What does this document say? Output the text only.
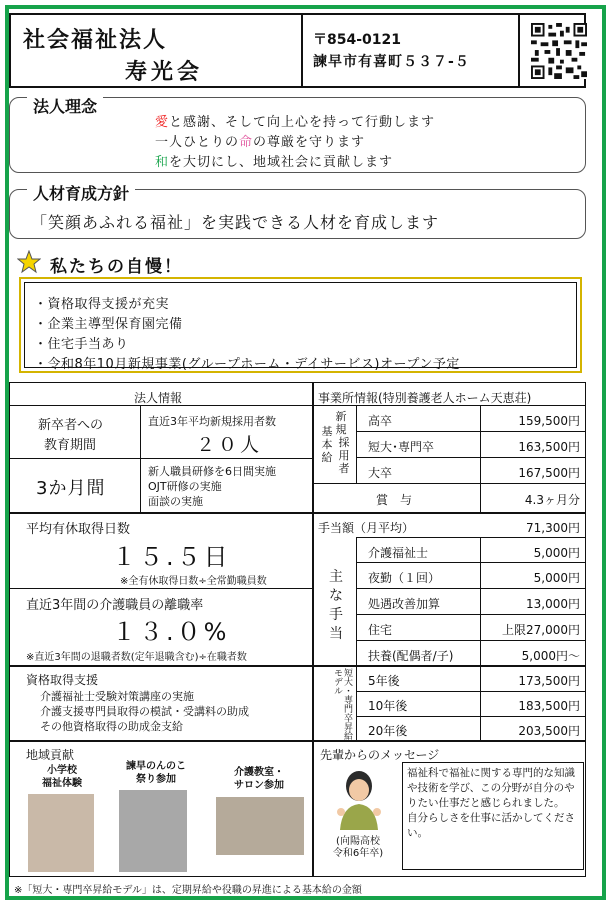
社会福祉法人
寿光会
〒854-0121
諫早市有喜町５３７-５
法人理念
愛と感謝、そして向上心を持って行動します
一人ひとりの命の尊厳を守ります
和を大切にし、地域社会に貢献します
人材育成方針
「笑顔あふれる福祉」を実践できる人材を育成します
私たちの自慢！
・資格取得支援が充実
・企業主導型保育園完備
・住宅手当あり
・令和8年10月新規事業(グループホーム・デイサービス)オープン予定
法人情報
新卒者への
教育期間
3か月間
直近3年平均新規採用者数
２０人
新人職員研修を6日間実施
OJT研修の実施
面談の実施
平均有休取得日数
１５.５日
※全有休取得日数÷全常勤職員数
直近3年間の介護職員の離職率
１３.０%
※直近3年間の退職者数(定年退職含む)÷在職者数
資格取得支援
介護福祉士受験対策講座の実施
介護支援専門員取得の模試・受講料の助成
その他資格取得の助成金支給
地域貢献
小学校
福祉体験
諫早のんのこ
祭り参加
介護教室・
サロン参加
事業所情報(特別養護老人ホーム天恵荘)
新規
基本給
採用者
高卒	159,500円
短大･専門卒	163,500円
大卒	167,500円
賞　与	4.3ヶ月分
手当額（月平均）	71,300円
主な手当
介護福祉士	5,000円
夜勤（１回）	5,000円
処遇改善加算	13,000円
住宅	上限27,000円
扶養(配偶者/子)	5,000円～
短大・専門卒昇給モデル	5年後	173,500円
10年後	183,500円
20年後	203,500円
先輩からのメッセージ
(向陽高校
令和6年卒)
福祉科で福祉に関する専門的な知識や技術を学び、この分野が自分のやりたい仕事だと感じられました。
自分らしさを仕事に活かしてください。
※「短大・専門卒昇給モデル」は、定期昇給や役職の昇進による基本給の金額
